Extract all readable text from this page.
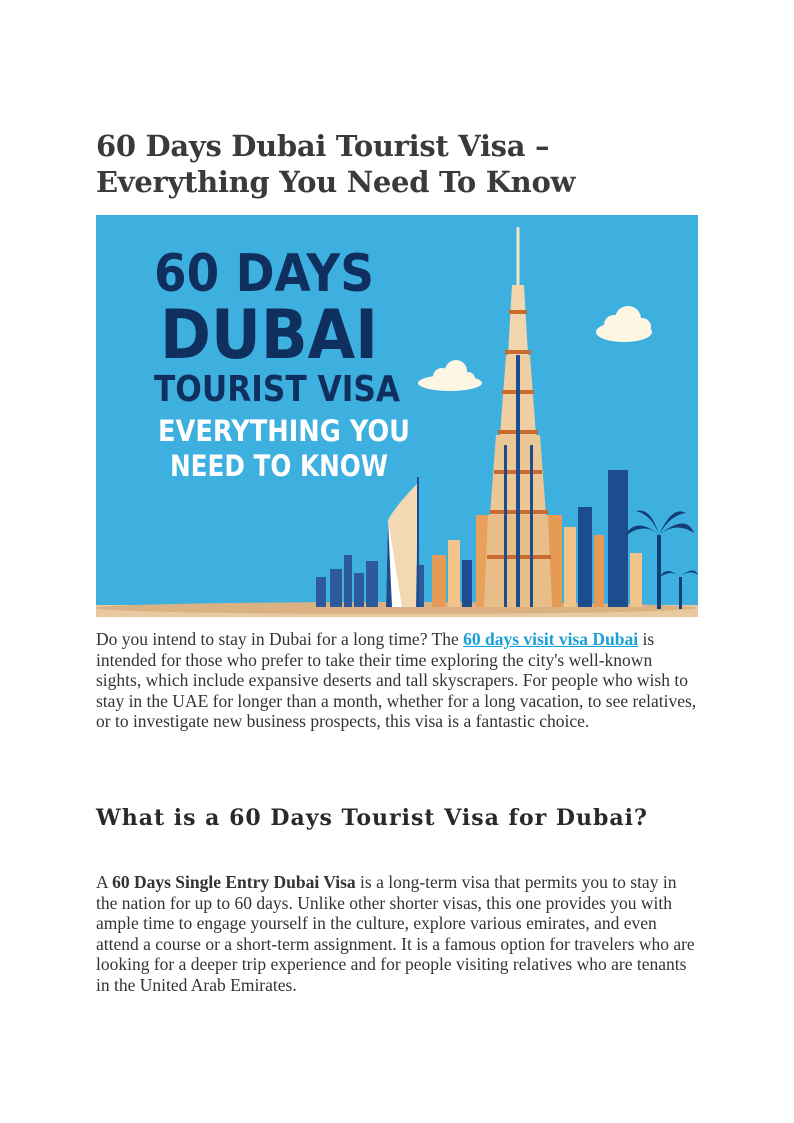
60 Days Dubai Tourist Visa –
Everything You Need To Know
60 DAYS
DUBAI
TOURIST VISA
EVERYTHING YOU
NEED TO KNOW

Do you intend to stay in Dubai for a long time? The 60 days visit visa Dubai is intended for those who prefer to take their time exploring the city's well-known sights, which include expansive deserts and tall skyscrapers. For people who wish to stay in the UAE for longer than a month, whether for a long vacation, to see relatives, or to investigate new business prospects, this visa is a fantastic choice.

What is a 60 Days Tourist Visa for Dubai?

A 60 Days Single Entry Dubai Visa is a long-term visa that permits you to stay in the nation for up to 60 days. Unlike other shorter visas, this one provides you with ample time to engage yourself in the culture, explore various emirates, and even attend a course or a short-term assignment. It is a famous option for travelers who are looking for a deeper trip experience and for people visiting relatives who are tenants in the United Arab Emirates.
